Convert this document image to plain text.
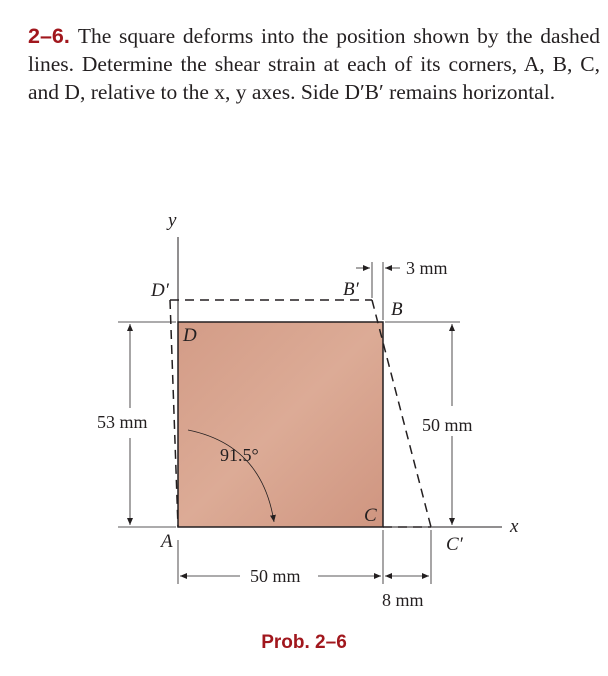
2–6. The square deforms into the position shown by the dashed lines. Determine the shear strain at each of its corners, A, B, C, and D, relative to the x, y axes. Side D′B′ remains horizontal.
53 mm	50 mm
50 mm
8 mm
3 mm
91.5°
y
x
D′	B′
B
D
C
C′
A
Prob. 2–6
